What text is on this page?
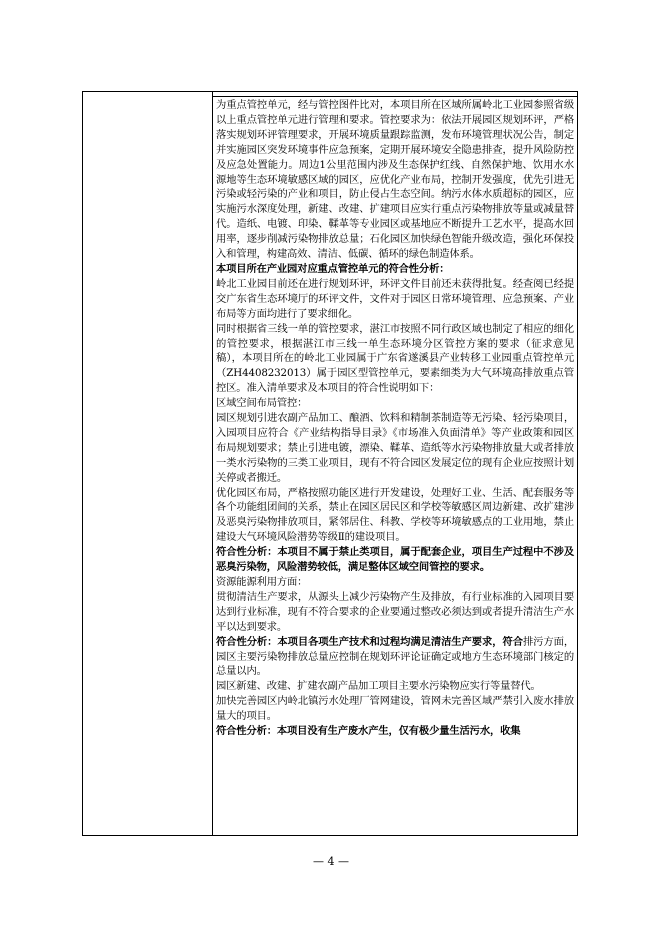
为重点管控单元，经与管控图件比对，本项目所在区域所属岭北工业园参照省级以上重点管控单元进行管理和要求。管控要求为：依法开展园区规划环评，严格落实规划环评管理要求，开展环境质量跟踪监测，发布环境管理状况公告，制定并实施园区突发环境事件应急预案，定期开展环境安全隐患排查，提升风险防控及应急处置能力。周边1公里范围内涉及生态保护红线、自然保护地、饮用水水源地等生态环境敏感区域的园区，应优化产业布局，控制开发强度，优先引进无污染或轻污染的产业和项目，防止侵占生态空间。纳污水体水质超标的园区，应实施污水深度处理，新建、改建、扩建项目应实行重点污染物排放等量或减量替代。造纸、电镀、印染、鞣革等专业园区或基地应不断提升工艺水平，提高水回用率，逐步削减污染物排放总量；石化园区加快绿色智能升级改造，强化环保投入和管理，构建高效、清洁、低碳、循环的绿色制造体系。

本项目所在产业园对应重点管控单元的符合性分析：

岭北工业园目前还在进行规划环评，环评文件目前还未获得批复。经查阅已经提交广东省生态环境厅的环评文件，文件对于园区日常环境管理、应急预案、产业布局等方面均进行了要求细化。

同时根据省三线一单的管控要求，湛江市按照不同行政区域也制定了相应的细化的管控要求，根据湛江市三线一单生态环境分区管控方案的要求（征求意见稿），本项目所在的岭北工业园属于广东省遂溪县产业转移工业园重点管控单元（ZH4408232013）属于园区型管控单元，要素细类为大气环境高排放重点管控区。准入清单要求及本项目的符合性说明如下：

区域空间布局管控：

园区规划引进农副产品加工、酿酒、饮料和精制茶制造等无污染、轻污染项目，入园项目应符合《产业结构指导目录》《市场准入负面清单》等产业政策和园区布局规划要求；禁止引进电镀，漂染、鞣革、造纸等水污染物排放量大或者排放一类水污染物的三类工业项目，现有不符合园区发展定位的现有企业应按照计划关停或者搬迁。

优化园区布局，严格按照功能区进行开发建设，处理好工业、生活、配套服务等各个功能组团间的关系，禁止在园区居民区和学校等敏感区周边新建、改扩建涉及恶臭污染物排放项目，紧邻居住、科教、学校等环境敏感点的工业用地，禁止建设大气环境风险潜势等级Ⅱ的建设项目。

符合性分析：本项目不属于禁止类项目，属于配套企业，项目生产过程中不涉及恶臭污染物，风险潜势较低，满足整体区域空间管控的要求。

资源能源利用方面：

贯彻清洁生产要求，从源头上减少污染物产生及排放，有行业标准的入园项目要达到行业标准，现有不符合要求的企业要通过整改必须达到或者提升清洁生产水平以达到要求。

符合性分析：本项目各项生产技术和过程均满足清洁生产要求，符合排污方面，园区主要污染物排放总量应控制在规划环评论证确定或地方生态环境部门核定的总量以内。

园区新建、改建、扩建农副产品加工项目主要水污染物应实行等量替代。

加快完善园区内岭北镇污水处理厂管网建设，管网未完善区域严禁引入废水排放量大的项目。

符合性分析：本项目没有生产废水产生，仅有极少量生活污水，收集

— 4 —
